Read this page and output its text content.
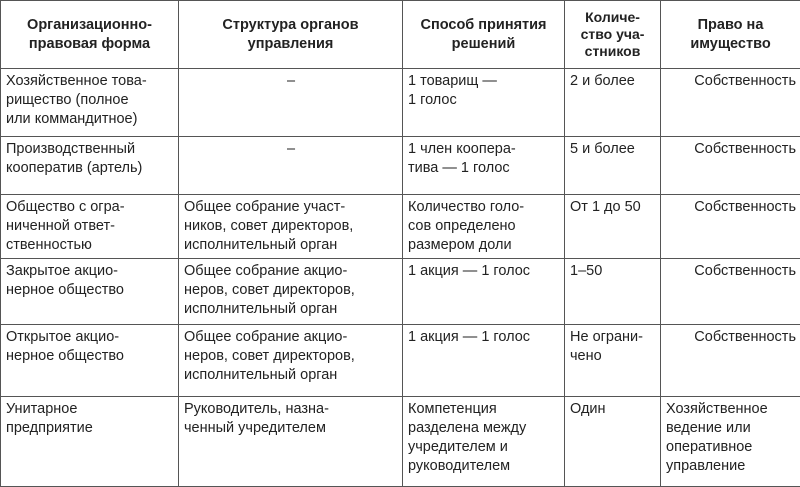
Организационно-
правовая форма	Структура органов
управления	Способ принятия
решений	Количе-
ство уча-
стников	Право на
имущество
Хозяйственное това-
рищество (полное
или коммандитное)	–	1 товарищ —
1 голос	2 и более	Собственность
Производственный
кооператив (артель)	–	1 член коопера-
тива — 1 голос	5 и более	Собственность
Общество с огра-
ниченной ответ-
ственностью	Общее собрание участ-
ников, совет директоров,
исполнительный орган	Количество голо-
сов определено
размером доли	От 1 до 50	Собственность
Закрытое акцио-
нерное общество	Общее собрание акцио-
неров, совет директоров,
исполнительный орган	1 акция — 1 голос	1–50	Собственность
Открытое акцио-
нерное общество	Общее собрание акцио-
неров, совет директоров,
исполнительный орган	1 акция — 1 голос	Не ограни-
чено	Собственность
Унитарное
предприятие	Руководитель, назна-
ченный учредителем	Компетенция
разделена между
учредителем и
руководителем	Один	Хозяйственное
ведение или
оперативное
управление
